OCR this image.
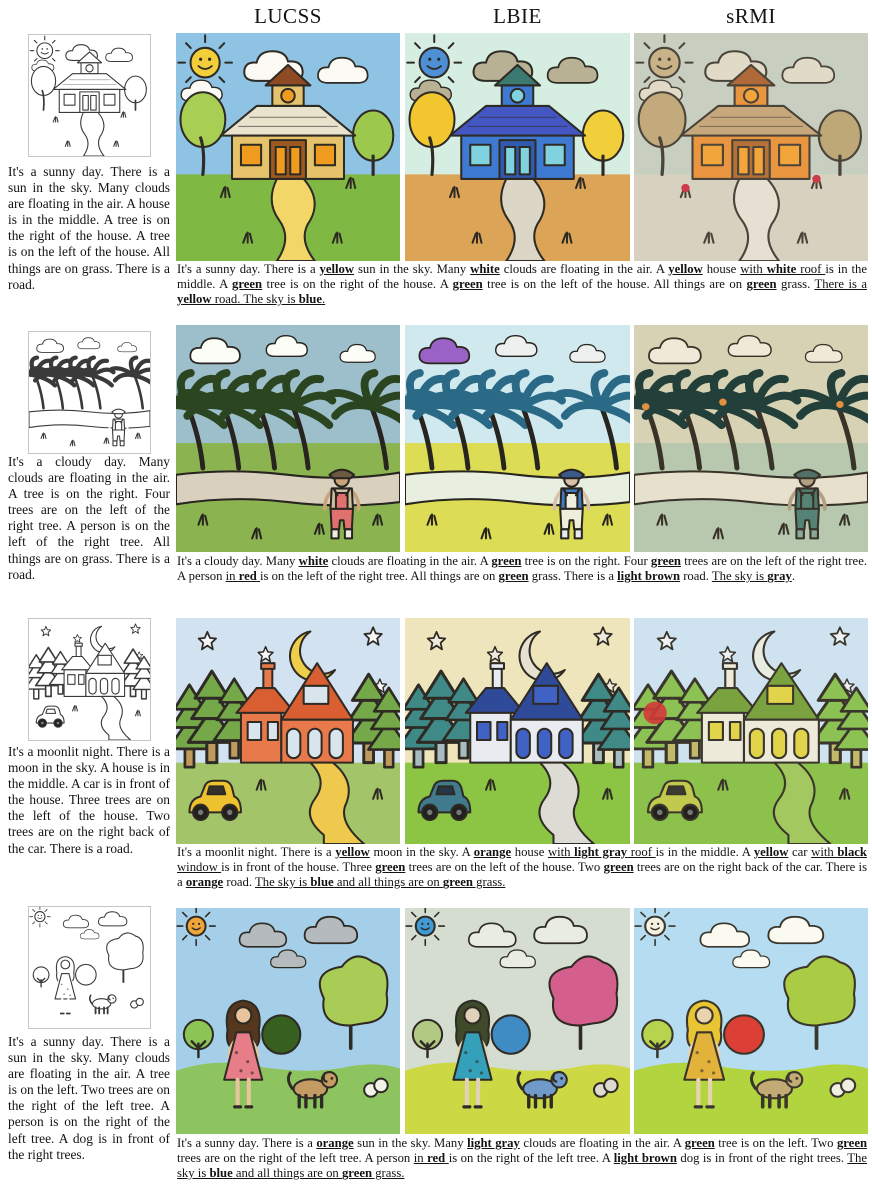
LUCSS	LBIE	sRMI
It's a sunny day. There is a sun in the sky. Many clouds are floating in the air. A house is in the middle. A tree is on the right of the house. A tree is on the left of the house. All things are on grass. There is a road.
It's a sunny day. There is a yellow sun in the sky. Many white clouds are floating in the air. A yellow house with white roof is in the middle. A green tree is on the right of the house. A green tree is on the left of the house. All things are on green grass. There is a yellow road. The sky is blue.
It's a cloudy day. Many clouds are floating in the air. A tree is on the right. Four trees are on the left of the right tree. A person is on the left of the right tree. All things are on grass. There is a road.
It's a cloudy day. Many white clouds are floating in the air. A green tree is on the right. Four green trees are on the left of the right tree. A person in red is on the left of the right tree. All things are on green grass. There is a light brown road. The sky is gray.
It's a moonlit night. There is a moon in the sky. A house is in the middle. A car is in front of the house. Three trees are on the left of the house. Two trees are on the right back of the car. There is a road.	It's a moonlit night. There is a yellow moon in the sky. A orange house with light gray roof is in the middle. A yellow car with black window is in front of the house. Three green trees are on the left of the house. Two green trees are on the right back of the car. There is a orange road. The sky is blue and all things are on green grass.
It's a sunny day. There is a sun in the sky. Many clouds are floating in the air. A tree is on the left. Two trees are on the right of the left tree. A person is on the right of the left tree. A dog is in front of the right trees.
It's a sunny day. There is a orange sun in the sky. Many light gray clouds are floating in the air. A green tree is on the left. Two green trees are on the right of the left tree. A person in red is on the right of the left tree. A light brown dog is in front of the right trees. The sky is blue and all things are on green grass.
